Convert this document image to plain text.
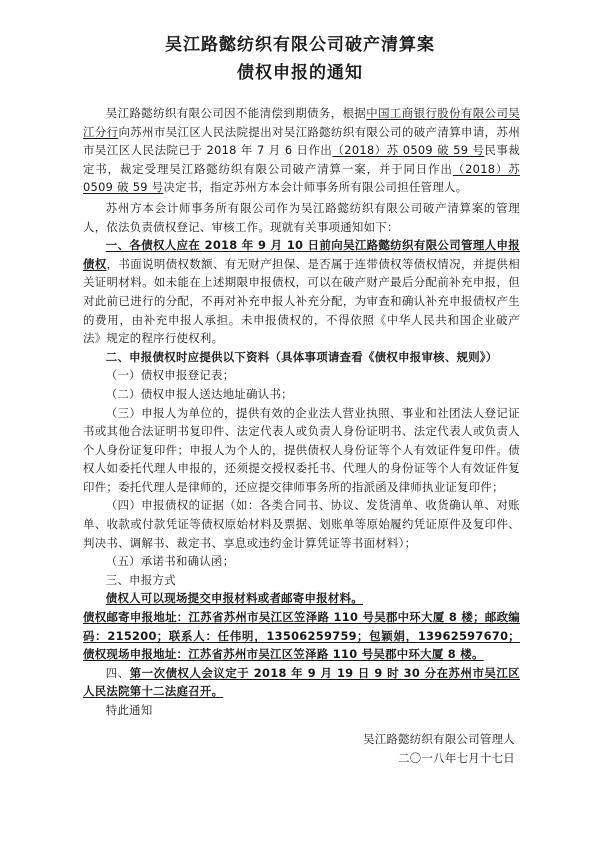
吴江路懿纺织有限公司破产清算案
债权申报的通知

吴江路懿纺织有限公司因不能清偿到期债务，根据中国工商银行股份有限公司吴江分行向苏州市吴江区人民法院提出对吴江路懿纺织有限公司的破产清算申请，苏州市吴江区人民法院已于 2018 年 7 月 6 日作出（2018）苏 0509 破 59 号民事裁定书，裁定受理吴江路懿纺织有限公司破产清算一案，并于同日作出（2018）苏 0509 破 59 号决定书，指定苏州方本会计师事务所有限公司担任管理人。

苏州方本会计师事务所有限公司作为吴江路懿纺织有限公司破产清算案的管理人，依法负责债权登记、审核工作。现就有关事项通知如下：

一、各债权人应在 2018 年 9 月 10 日前向吴江路懿纺织有限公司管理人申报债权，书面说明债权数额、有无财产担保、是否属于连带债权等债权情况，并提供相关证明材料。如未能在上述期限申报债权，可以在破产财产最后分配前补充申报，但对此前已进行的分配，不再对补充申报人补充分配，为审查和确认补充申报债权产生的费用，由补充申报人承担。未申报债权的，不得依照《中华人民共和国企业破产法》规定的程序行使权利。

二、申报债权时应提供以下资料（具体事项请查看《债权申报审核、规则》）

（一）债权申报登记表；

（二）债权申报人送达地址确认书；

（三）申报人为单位的，提供有效的企业法人营业执照、事业和社团法人登记证书或其他合法证明书复印件、法定代表人或负责人身份证明书、法定代表人或负责人个人身份证复印件；申报人为个人的，提供债权人身份证等个人有效证件复印件。债权人如委托代理人申报的，还须提交授权委托书、代理人的身份证等个人有效证件复印件；委托代理人是律师的，还应提交律师事务所的指派函及律师执业证复印件；

（四）申报债权的证据（如：各类合同书、协议、发货清单、收货确认单、对账单、收款或付款凭证等债权原始材料及票据、划账单等原始履约凭证原件及复印件、判决书、调解书、裁定书、享息或违约金计算凭证等书面材料）；

（五）承诺书和确认函；

三、申报方式

债权人可以现场提交申报材料或者邮寄申报材料。

债权邮寄申报地址：江苏省苏州市吴江区笠泽路 110 号吴郡中环大厦 8 楼；邮政编码：215200；联系人：任伟明，13506259759；包颖娟，13962597670；债权现场申报地址：江苏省苏州市吴江区笠泽路 110 号吴郡中环大厦 8 楼。

四、第一次债权人会议定于 2018 年 9 月 19 日 9 时 30 分在苏州市吴江区人民法院第十二法庭召开。

特此通知

吴江路懿纺织有限公司管理人
二〇一八年七月十七日
